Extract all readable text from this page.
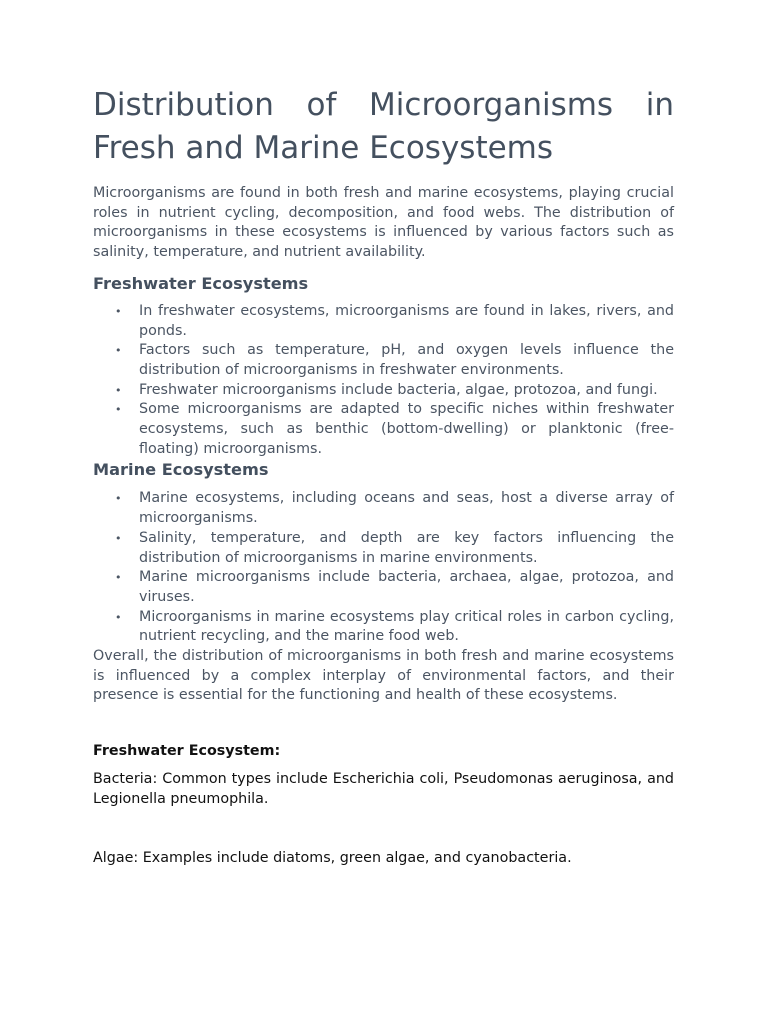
Distribution of Microorganisms in Fresh and Marine Ecosystems

Microorganisms are found in both fresh and marine ecosystems, playing crucial roles in nutrient cycling, decomposition, and food webs. The distribution of microorganisms in these ecosystems is influenced by various factors such as salinity, temperature, and nutrient availability.

Freshwater Ecosystems
• In freshwater ecosystems, microorganisms are found in lakes, rivers, and ponds.
• Factors such as temperature, pH, and oxygen levels influence the distribution of microorganisms in freshwater environments.
• Freshwater microorganisms include bacteria, algae, protozoa, and fungi.
• Some microorganisms are adapted to specific niches within freshwater ecosystems, such as benthic (bottom-dwelling) or planktonic (free-floating) microorganisms.
Marine Ecosystems
• Marine ecosystems, including oceans and seas, host a diverse array of microorganisms.
• Salinity, temperature, and depth are key factors influencing the distribution of microorganisms in marine environments.
• Marine microorganisms include bacteria, archaea, algae, protozoa, and viruses.
• Microorganisms in marine ecosystems play critical roles in carbon cycling, nutrient recycling, and the marine food web.

Overall, the distribution of microorganisms in both fresh and marine ecosystems is influenced by a complex interplay of environmental factors, and their presence is essential for the functioning and health of these ecosystems.

Freshwater Ecosystem:

Bacteria: Common types include Escherichia coli, Pseudomonas aeruginosa, and Legionella pneumophila.

Algae: Examples include diatoms, green algae, and cyanobacteria.
